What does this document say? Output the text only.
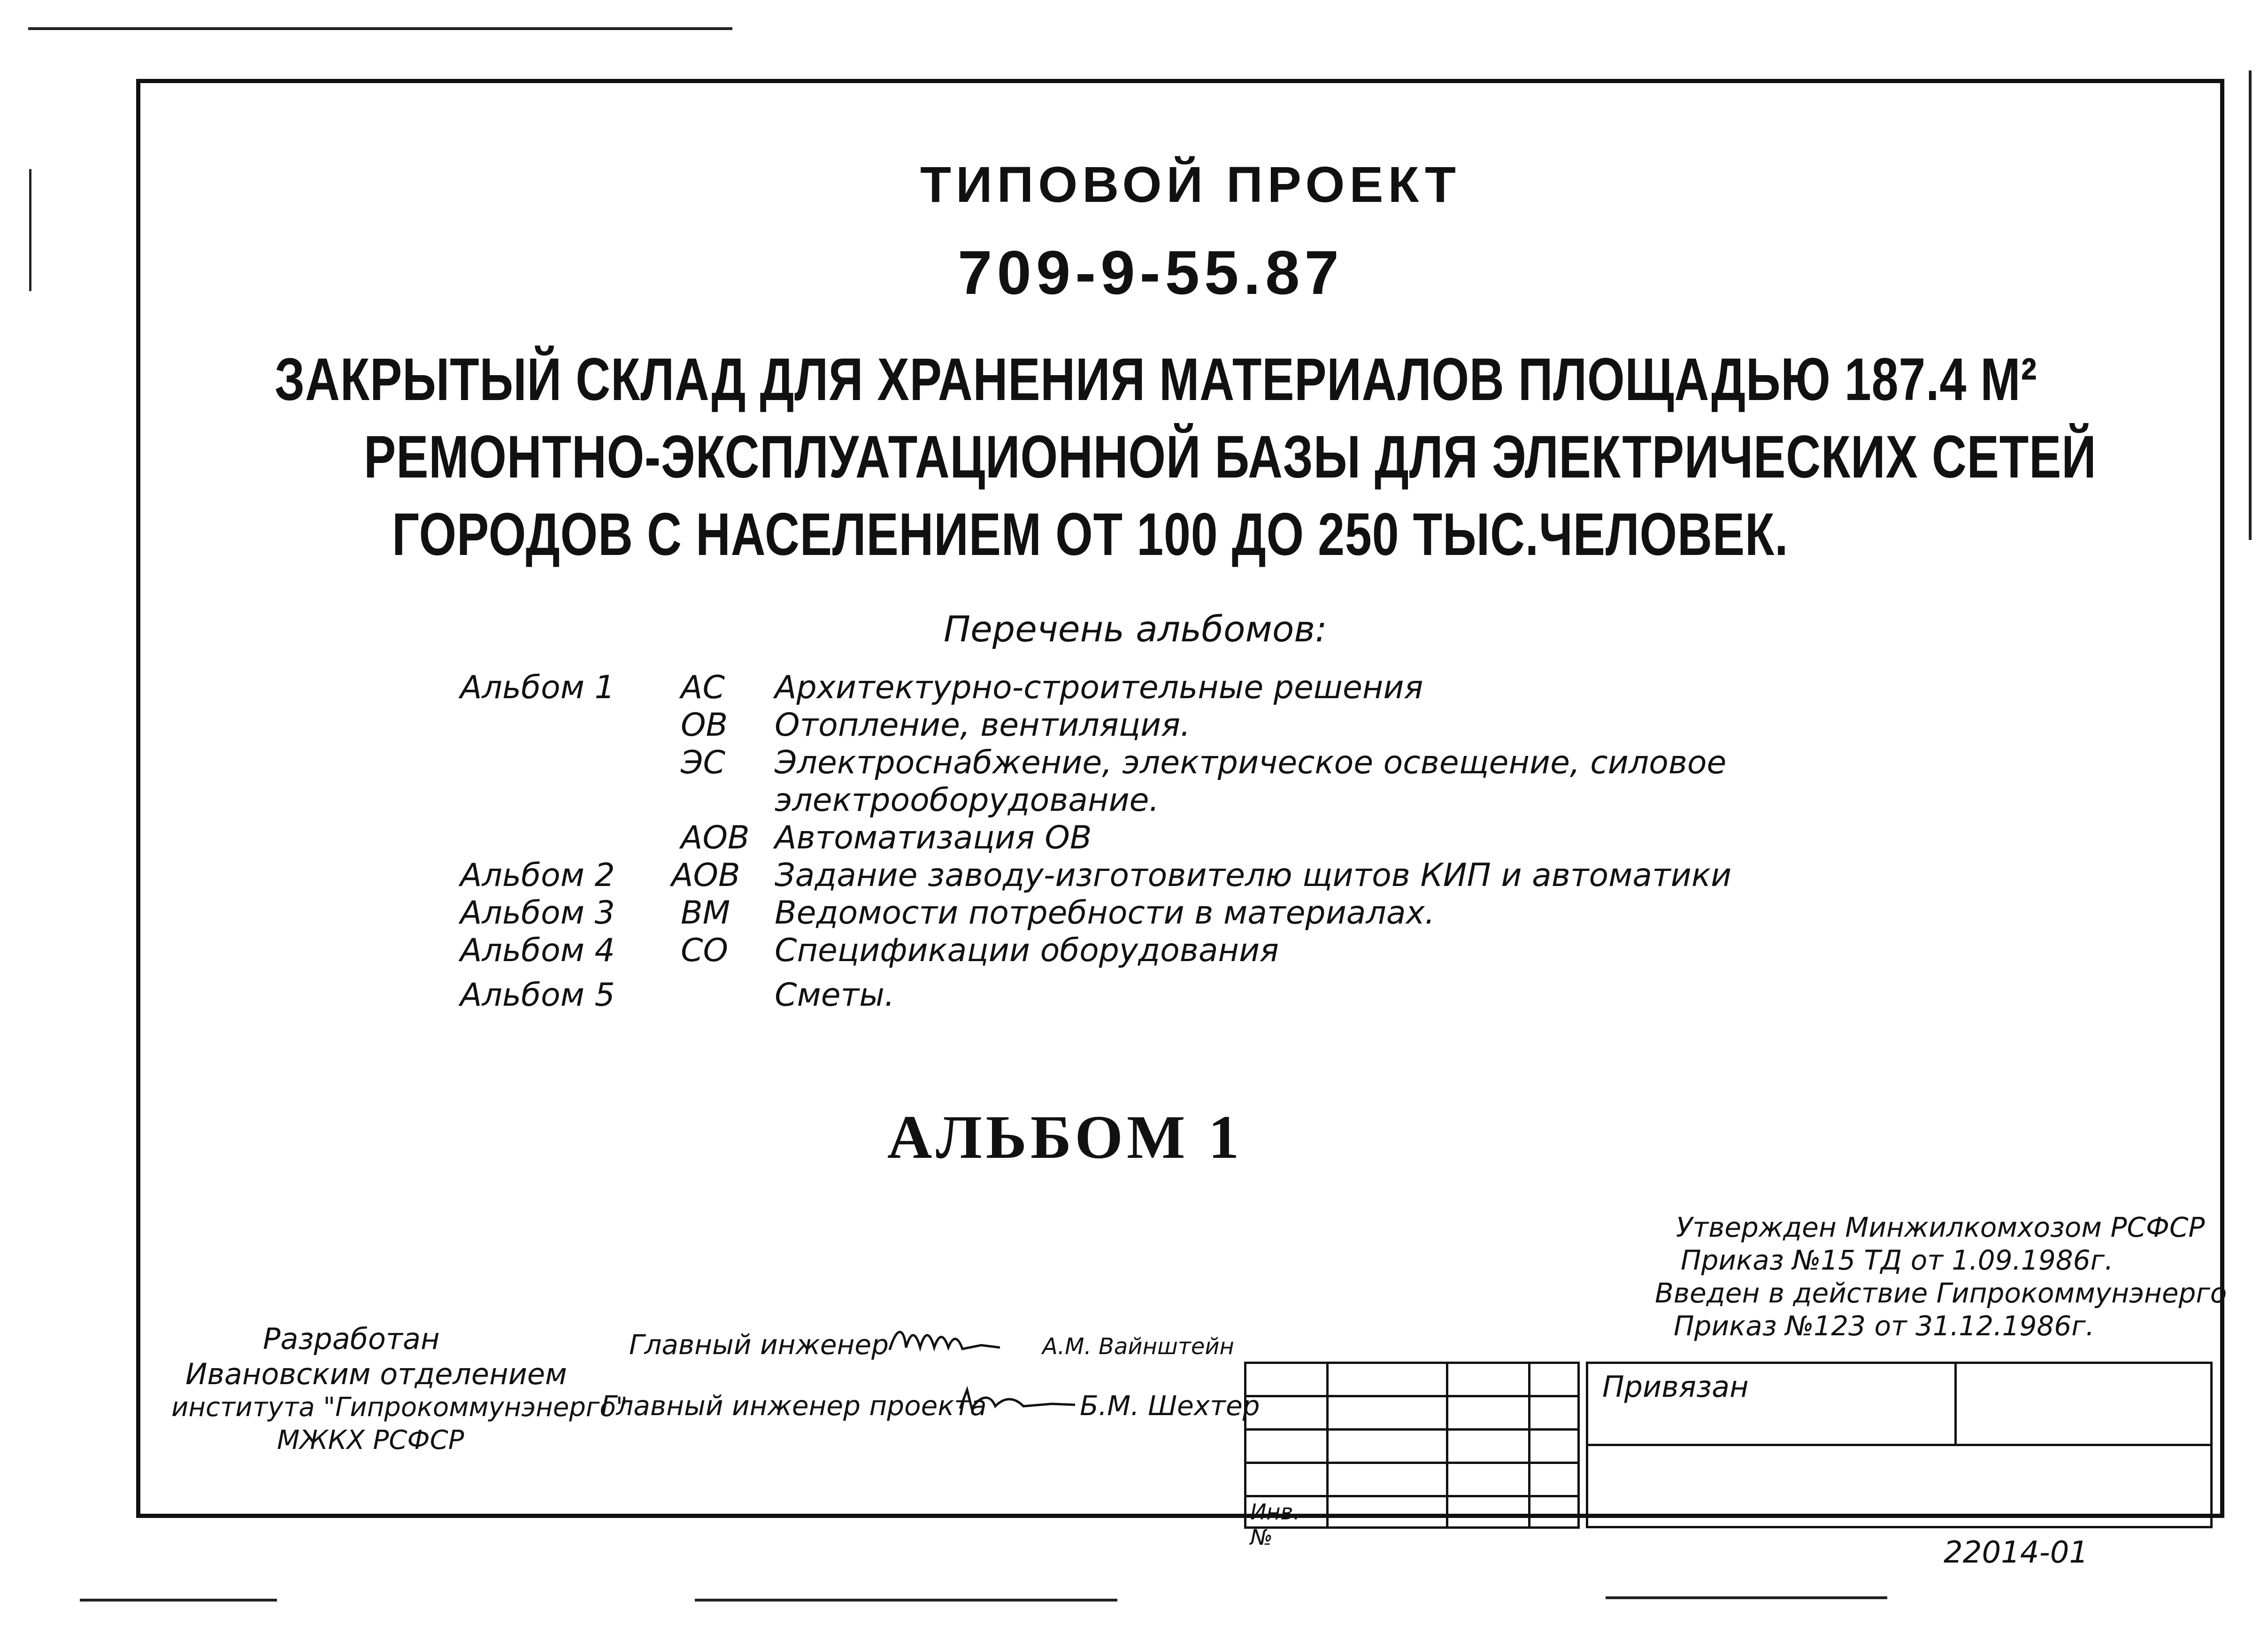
ТИПОВОЙ ПРОЕКТ
709-9-55.87
ЗАКРЫТЫЙ СКЛАД ДЛЯ ХРАНЕНИЯ МАТЕРИАЛОВ ПЛОЩАДЬЮ 187.4 М²
РЕМОНТНО-ЭКСПЛУАТАЦИОННОЙ БАЗЫ ДЛЯ ЭЛЕКТРИЧЕСКИХ СЕТЕЙ
ГОРОДОВ С НАСЕЛЕНИЕМ ОТ 100 ДО 250 ТЫС.ЧЕЛОВЕК.
Перечень альбомов:
Альбом 1 АС Архитектурно-строительные решения
ОВ Отопление, вентиляция.
ЭС Электроснабжение, электрическое освещение, силовое
электрооборудование.
АОВ Автоматизация ОВ
Альбом 2 АОВ Задание заводу-изготовителю щитов КИП и автоматики
Альбом 3 ВМ Ведомости потребности в материалах.
Альбом 4 СО Спецификации оборудования
Альбом 5	Сметы.
АЛЬБОМ 1
Утвержден Минжилкомхозом РСФСР
Приказ №15 ТД от 1.09.1986г.
Введен в действие Гипрокоммунэнерго
Приказ №123 от 31.12.1986г.
Разработан
Ивановским отделением
института "Гипрокоммунэнерго"
МЖКХ РСФСР
Главный инженер	А.М. Вайнштейн
Главный инженер проекта	Б.М. Шехтер

Инв. №			

Привязан

22014-01
